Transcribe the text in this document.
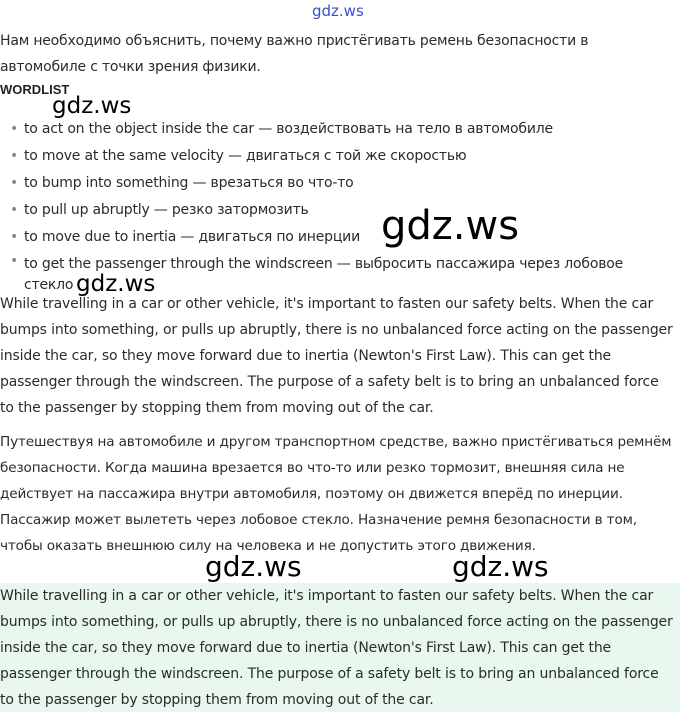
gdz.ws

Нам необходимо объяснить, почему важно пристёгивать ремень безопасности в автомобиле с точки зрения физики.

WORDLIST

• to act on the object inside the car — воздействовать на тело в автомобиле
• to move at the same velocity — двигаться с той же скоростью
• to bump into something — врезаться во что-то
• to pull up abruptly — резко затормозить
• to move due to inertia — двигаться по инерции
• to get the passenger through the windscreen — выбросить пассажира через лобовое стекло

While travelling in a car or other vehicle, it's important to fasten our safety belts. When the car bumps into something, or pulls up abruptly, there is no unbalanced force acting on the passenger inside the car, so they move forward due to inertia (Newton's First Law). This can get the passenger through the windscreen. The purpose of a safety belt is to bring an unbalanced force to the passenger by stopping them from moving out of the car.

Путешествуя на автомобиле и другом транспортном средстве, важно пристёгиваться ремнём безопасности. Когда машина врезается во что-то или резко тормозит, внешняя сила не действует на пассажира внутри автомобиля, поэтому он движется вперёд по инерции. Пассажир может вылететь через лобовое стекло. Назначение ремня безопасности в том, чтобы оказать внешнюю силу на человека и не допустить этого движения.

While travelling in a car or other vehicle, it's important to fasten our safety belts. When the car bumps into something, or pulls up abruptly, there is no unbalanced force acting on the passenger inside the car, so they move forward due to inertia (Newton's First Law). This can get the passenger through the windscreen. The purpose of a safety belt is to bring an unbalanced force to the passenger by stopping them from moving out of the car.

gdz.ws

gdz.ws

gdz.ws

gdz.ws	gdz.ws
